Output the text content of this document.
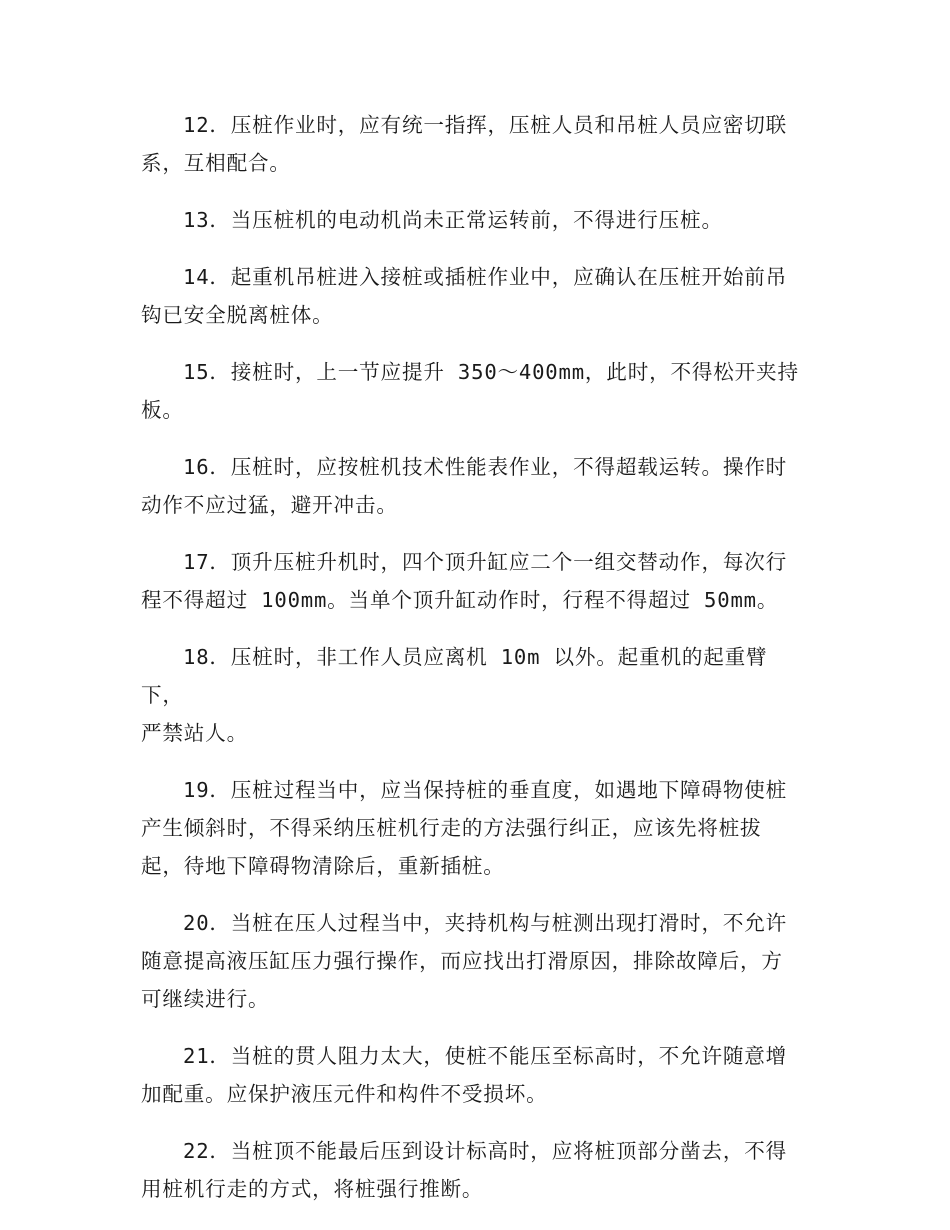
12．压桩作业时，应有统一指挥，压桩人员和吊桩人员应密切联
系，互相配合。

13．当压桩机的电动机尚未正常运转前，不得进行压桩。

14．起重机吊桩进入接桩或插桩作业中，应确认在压桩开始前吊
钩已安全脱离桩体。

15．接桩时，上一节应提升 350～400mm，此时，不得松开夹持
板。

16．压桩时，应按桩机技术性能表作业，不得超载运转。操作时
动作不应过猛，避开冲击。

17．顶升压桩升机时，四个顶升缸应二个一组交替动作，每次行
程不得超过 100mm。当单个顶升缸动作时，行程不得超过 50mm。

18．压桩时，非工作人员应离机 10m 以外。起重机的起重臂下，
严禁站人。

19．压桩过程当中，应当保持桩的垂直度，如遇地下障碍物使桩
产生倾斜时，不得采纳压桩机行走的方法强行纠正，应该先将桩拔
起，待地下障碍物清除后，重新插桩。

20．当桩在压人过程当中，夹持机构与桩测出现打滑时，不允许
随意提高液压缸压力强行操作，而应找出打滑原因，排除故障后，方
可继续进行。

21．当桩的贯人阻力太大，使桩不能压至标高时，不允许随意增
加配重。应保护液压元件和构件不受损坏。

22．当桩顶不能最后压到设计标高时，应将桩顶部分凿去，不得
用桩机行走的方式，将桩强行推断。
